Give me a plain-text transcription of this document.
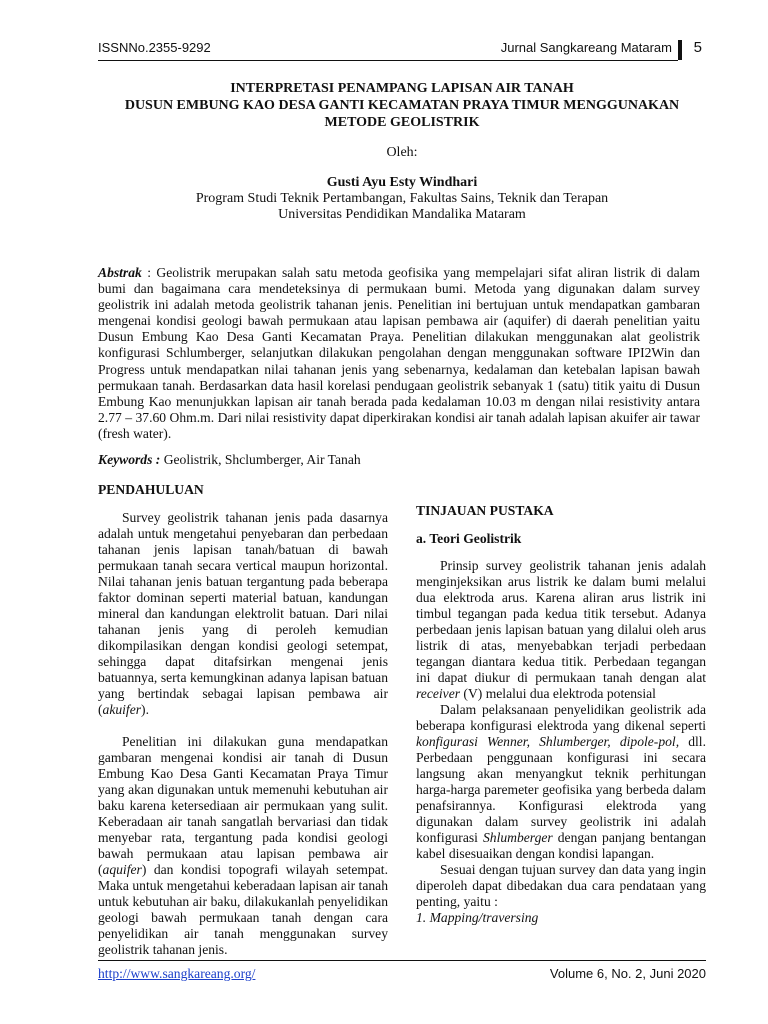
ISSNNo.2355-9292	Jurnal Sangkareang Mataram 5
INTERPRETASI PENAMPANG LAPISAN AIR TANAH
DUSUN EMBUNG KAO DESA GANTI KECAMATAN PRAYA TIMUR MENGGUNAKAN
METODE GEOLISTRIK
Oleh:
Gusti Ayu Esty Windhari
Program Studi Teknik Pertambangan, Fakultas Sains, Teknik dan Terapan
Universitas Pendidikan Mandalika Mataram
Abstrak : Geolistrik merupakan salah satu metoda geofisika yang mempelajari sifat aliran listrik di dalam bumi dan bagaimana cara mendeteksinya di permukaan bumi. Metoda yang digunakan dalam survey geolistrik ini adalah metoda geolistrik tahanan jenis. Penelitian ini bertujuan untuk mendapatkan gambaran mengenai kondisi geologi bawah permukaan atau lapisan pembawa air (aquifer) di daerah penelitian yaitu Dusun Embung Kao Desa Ganti Kecamatan Praya. Penelitian dilakukan menggunakan alat geolistrik konfigurasi Schlumberger, selanjutkan dilakukan pengolahan dengan menggunakan software IPI2Win dan Progress untuk mendapatkan nilai tahanan jenis yang sebenarnya, kedalaman dan ketebalan lapisan bawah permukaan tanah. Berdasarkan data hasil korelasi pendugaan geolistrik sebanyak 1 (satu) titik yaitu di Dusun Embung Kao menunjukkan lapisan air tanah berada pada kedalaman 10.03 m dengan nilai resistivity antara 2.77 – 37.60 Ohm.m. Dari nilai resistivity dapat diperkirakan kondisi air tanah adalah lapisan akuifer air tawar (fresh water).
Keywords : Geolistrik, Shclumberger, Air Tanah
PENDAHULUAN

Survey geolistrik tahanan jenis pada dasarnya adalah untuk mengetahui penyebaran dan perbedaan tahanan jenis lapisan tanah/batuan di bawah permukaan tanah secara vertical maupun horizontal. Nilai tahanan jenis batuan tergantung pada beberapa faktor dominan seperti material batuan, kandungan mineral dan kandungan elektrolit batuan. Dari nilai tahanan jenis yang di peroleh kemudian dikompilasikan dengan kondisi geologi setempat, sehingga dapat ditafsirkan mengenai jenis batuannya, serta kemungkinan adanya lapisan batuan yang bertindak sebagai lapisan pembawa air (akuifer).

Penelitian ini dilakukan guna mendapatkan gambaran mengenai kondisi air tanah di Dusun Embung Kao Desa Ganti Kecamatan Praya Timur yang akan digunakan untuk memenuhi kebutuhan air baku karena ketersediaan air permukaan yang sulit. Keberadaan air tanah sangatlah bervariasi dan tidak menyebar rata, tergantung pada kondisi geologi bawah permukaan atau lapisan pembawa air (aquifer) dan kondisi topografi wilayah setempat. Maka untuk mengetahui keberadaan lapisan air tanah untuk kebutuhan air baku, dilakukanlah penyelidikan geologi bawah permukaan tanah dengan cara penyelidikan air tanah menggunakan survey geolistrik tahanan jenis.

TINJAUAN PUSTAKA
a. Teori Geolistrik

Prinsip survey geolistrik tahanan jenis adalah menginjeksikan arus listrik ke dalam bumi melalui dua elektroda arus. Karena aliran arus listrik ini timbul tegangan pada kedua titik tersebut. Adanya perbedaan jenis lapisan batuan yang dilalui oleh arus listrik di atas, menyebabkan terjadi perbedaan tegangan diantara kedua titik. Perbedaan tegangan ini dapat diukur di permukaan tanah dengan alat receiver (V) melalui dua elektroda potensial

Dalam pelaksanaan penyelidikan geolistrik ada beberapa konfigurasi elektroda yang dikenal seperti konfigurasi Wenner, Shlumberger, dipole-pol, dll. Perbedaan penggunaan konfigurasi ini secara langsung akan menyangkut teknik perhitungan harga-harga paremeter geofisika yang berbeda dalam penafsirannya. Konfigurasi elektroda yang digunakan dalam survey geolistrik ini adalah konfigurasi Shlumberger dengan panjang bentangan kabel disesuaikan dengan kondisi lapangan.

Sesuai dengan tujuan survey dan data yang ingin diperoleh dapat dibedakan dua cara pendataan yang penting, yaitu :

1. Mapping/traversing

http://www.sangkareang.org/	Volume 6, No. 2, Juni 2020
